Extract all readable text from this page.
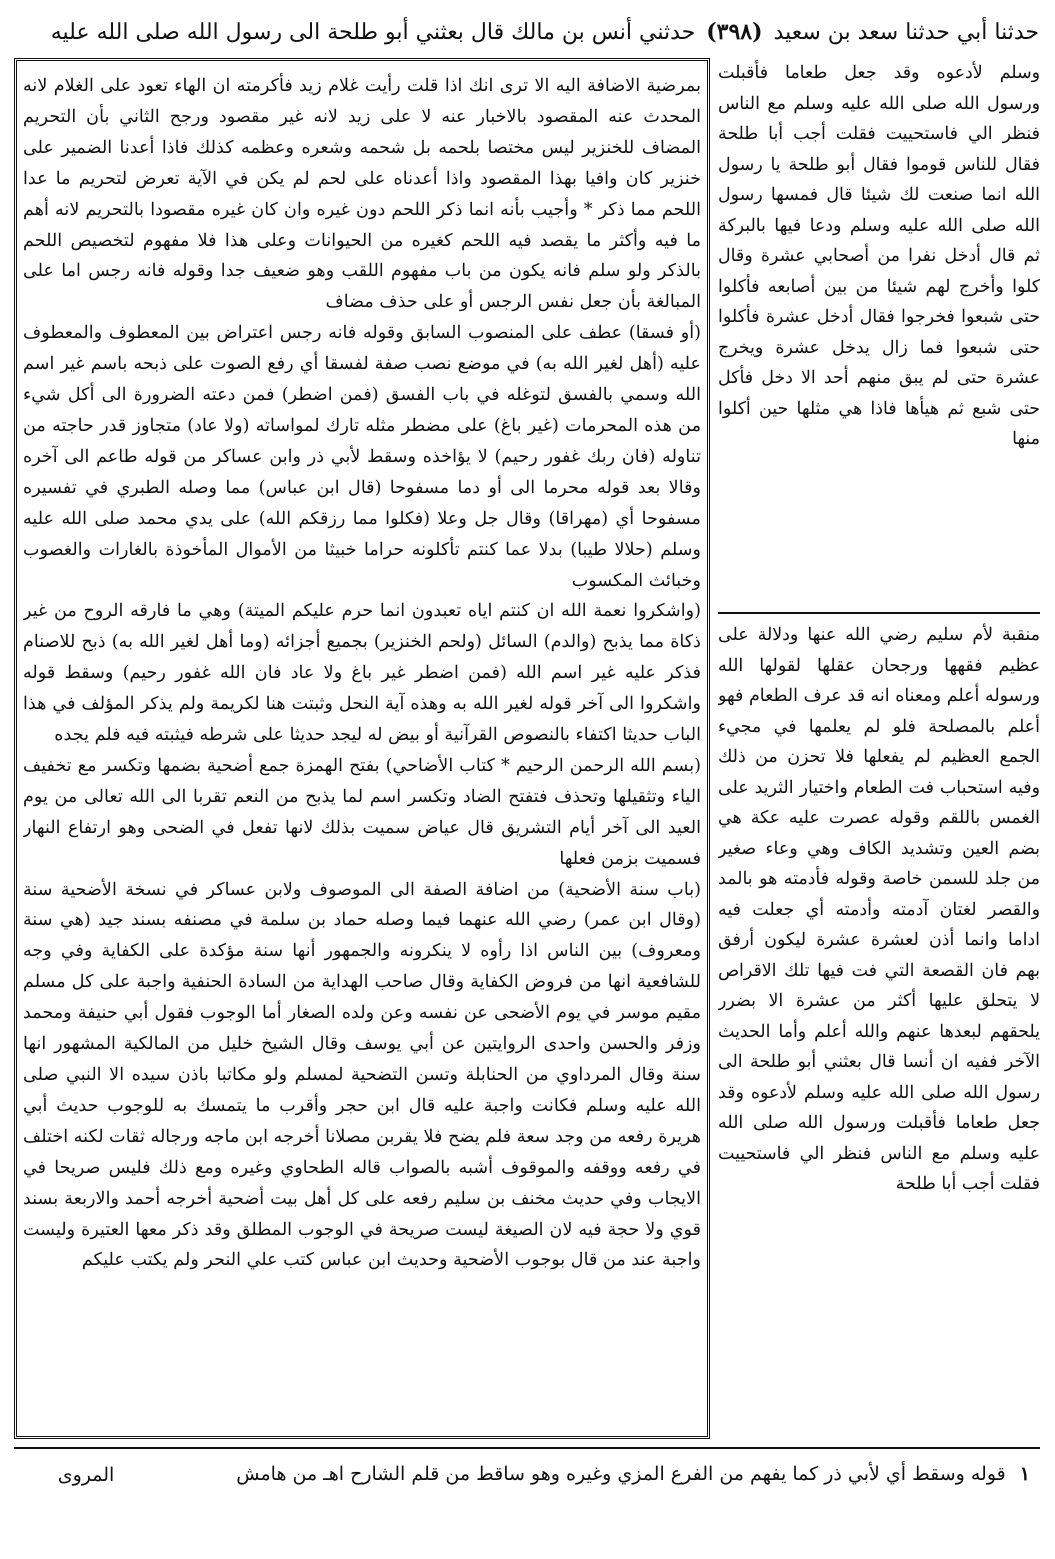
حدثنا أبي حدثنا سعد بن سعيد (٣٩٨) حدثني أنس بن مالك قال بعثني أبو طلحة الى رسول الله صلى الله عليه

بمرضية الاضافة اليه الا ترى انك اذا قلت رأيت غلام زيد فأكرمته ان الهاء تعود على الغلام لانه المحدث عنه المقصود بالاخبار عنه لا على زيد لانه غير مقصود ورجح الثاني بأن التحريم المضاف للخنزير ليس مختصا بلحمه بل شحمه وشعره وعظمه كذلك فاذا أعدنا الضمير على خنزير كان وافيا بهذا المقصود واذا أعدناه على لحم لم يكن في الآية تعرض لتحريم ما عدا اللحم مما ذكر * وأجيب بأنه انما ذكر اللحم دون غيره وان كان غيره مقصودا بالتحريم لانه أهم ما فيه وأكثر ما يقصد فيه اللحم كغيره من الحيوانات وعلى هذا فلا مفهوم لتخصيص اللحم بالذكر ولو سلم فانه يكون من باب مفهوم اللقب وهو ضعيف جدا وقوله فانه رجس اما على المبالغة بأن جعل نفس الرجس أو على حذف مضاف

(أو فسقا) عطف على المنصوب السابق وقوله فانه رجس اعتراض بين المعطوف والمعطوف عليه (أهل لغير الله به) في موضع نصب صفة لفسقا أي رفع الصوت على ذبحه باسم غير اسم الله وسمي بالفسق لتوغله في باب الفسق (فمن اضطر) فمن دعته الضرورة الى أكل شيء من هذه المحرمات (غير باغ) على مضطر مثله تارك لمواساته (ولا عاد) متجاوز قدر حاجته من تناوله (فان ربك غفور رحيم) لا يؤاخذه وسقط لأبي ذر وابن عساكر من قوله طاعم الى آخره وقالا بعد قوله محرما الى أو دما مسفوحا (قال ابن عباس) مما وصله الطبري في تفسيره مسفوحا أي (مهراقا) وقال جل وعلا (فكلوا مما رزقكم الله) على يدي محمد صلى الله عليه وسلم (حلالا طيبا) بدلا عما كنتم تأكلونه حراما خبيثا من الأموال المأخوذة بالغارات والغصوب وخبائث المكسوب

(واشكروا نعمة الله ان كنتم اياه تعبدون انما حرم عليكم الميتة) وهي ما فارقه الروح من غير ذكاة مما يذبح (والدم) السائل (ولحم الخنزير) بجميع أجزائه (وما أهل لغير الله به) ذبح للاصنام فذكر عليه غير اسم الله (فمن اضطر غير باغ ولا عاد فان الله غفور رحيم) وسقط قوله واشكروا الى آخر قوله لغير الله به وهذه آية النحل وثبتت هنا لكريمة ولم يذكر المؤلف في هذا الباب حديثا اكتفاء بالنصوص القرآنية أو بيض له ليجد حديثا على شرطه فيثبته فيه فلم يجده

(بسم الله الرحمن الرحيم * كتاب الأضاحي) بفتح الهمزة جمع أضحية بضمها وتكسر مع تخفيف الياء وتثقيلها وتحذف فتفتح الضاد وتكسر اسم لما يذبح من النعم تقربا الى الله تعالى من يوم العيد الى آخر أيام التشريق قال عياض سميت بذلك لانها تفعل في الضحى وهو ارتفاع النهار فسميت بزمن فعلها

(باب سنة الأضحية) من اضافة الصفة الى الموصوف ولابن عساكر في نسخة الأضحية سنة (وقال ابن عمر) رضي الله عنهما فيما وصله حماد بن سلمة في مصنفه بسند جيد (هي سنة ومعروف) بين الناس اذا رأوه لا ينكرونه والجمهور أنها سنة مؤكدة على الكفاية وفي وجه للشافعية انها من فروض الكفاية وقال صاحب الهداية من السادة الحنفية واجبة على كل مسلم مقيم موسر في يوم الأضحى عن نفسه وعن ولده الصغار أما الوجوب فقول أبي حنيفة ومحمد وزفر والحسن واحدى الروايتين عن أبي يوسف وقال الشيخ خليل من المالكية المشهور انها سنة وقال المرداوي من الحنابلة وتسن التضحية لمسلم ولو مكاتبا باذن سيده الا النبي صلى الله عليه وسلم فكانت واجبة عليه قال ابن حجر وأقرب ما يتمسك به للوجوب حديث أبي هريرة رفعه من وجد سعة فلم يضح فلا يقربن مصلانا أخرجه ابن ماجه ورجاله ثقات لكنه اختلف في رفعه ووقفه والموقوف أشبه بالصواب قاله الطحاوي وغيره ومع ذلك فليس صريحا في الايجاب وفي حديث مخنف بن سليم رفعه على كل أهل بيت أضحية أخرجه أحمد والاربعة بسند قوي ولا حجة فيه لان الصيغة ليست صريحة في الوجوب المطلق وقد ذكر معها العتيرة وليست واجبة عند من قال بوجوب الأضحية وحديث ابن عباس كتب علي النحر ولم يكتب عليكم

وسلم لأدعوه وقد جعل طعاما فأقبلت ورسول الله صلى الله عليه وسلم مع الناس فنظر الي فاستحييت فقلت أجب أبا طلحة فقال للناس قوموا فقال أبو طلحة يا رسول الله انما صنعت لك شيئا قال فمسها رسول الله صلى الله عليه وسلم ودعا فيها بالبركة ثم قال أدخل نفرا من أصحابي عشرة وقال كلوا وأخرج لهم شيئا من بين أصابعه فأكلوا حتى شبعوا فخرجوا فقال أدخل عشرة فأكلوا حتى شبعوا فما زال يدخل عشرة ويخرج عشرة حتى لم يبق منهم أحد الا دخل فأكل حتى شبع ثم هيأها فاذا هي مثلها حين أكلوا منها

منقبة لأم سليم رضي الله عنها ودلالة على عظيم فقهها ورجحان عقلها لقولها الله ورسوله أعلم ومعناه انه قد عرف الطعام فهو أعلم بالمصلحة فلو لم يعلمها في مجيء الجمع العظيم لم يفعلها فلا تحزن من ذلك وفيه استحباب فت الطعام واختيار الثريد على الغمس باللقم وقوله عصرت عليه عكة هي بضم العين وتشديد الكاف وهي وعاء صغير من جلد للسمن خاصة وقوله فأدمته هو بالمد والقصر لغتان آدمته وأدمته أي جعلت فيه اداما وانما أذن لعشرة عشرة ليكون أرفق بهم فان القصعة التي فت فيها تلك الاقراص لا يتحلق عليها أكثر من عشرة الا بضرر يلحقهم لبعدها عنهم والله أعلم وأما الحديث الآخر ففيه ان أنسا قال بعثني أبو طلحة الى رسول الله صلى الله عليه وسلم لأدعوه وقد جعل طعاما فأقبلت ورسول الله صلى الله عليه وسلم مع الناس فنظر الي فاستحييت فقلت أجب أبا طلحة

١ قوله وسقط أي لأبي ذر كما يفهم من الفرع المزي وغيره وهو ساقط من قلم الشارح اهـ من هامش
المروى
